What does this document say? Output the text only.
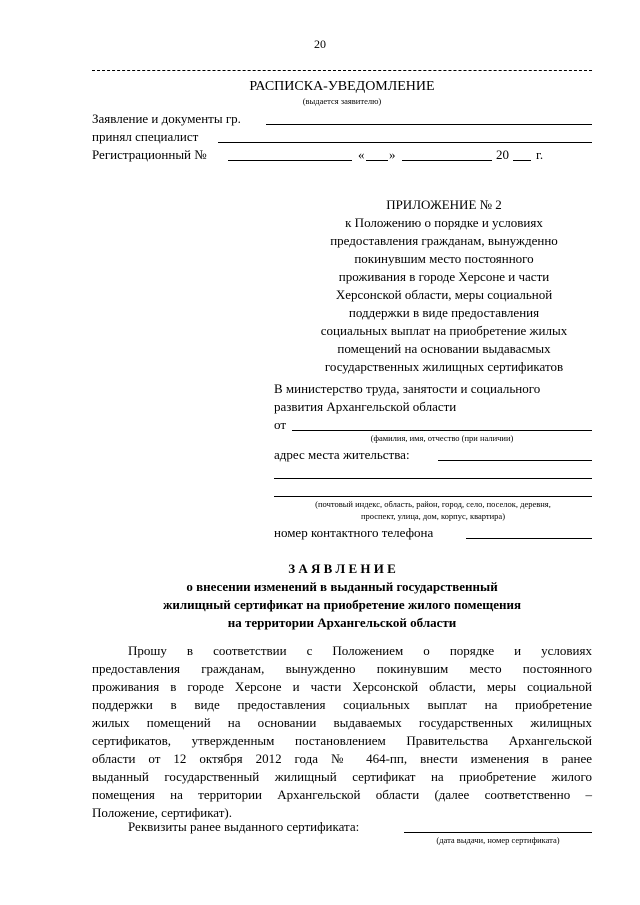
20
РАСПИСКА-УВЕДОМЛЕНИЕ
(выдается заявителю)
Заявление и документы гр.
принял специалист
Регистрационный №	« »	20 г.
ПРИЛОЖЕНИЕ № 2
к Положению о порядке и условиях
предоставления гражданам, вынужденно
покинувшим место постоянного
проживания в городе Херсоне и части
Херсонской области, меры социальной
поддержки в виде предоставления
социальных выплат на приобретение жилых
помещений на основании выдавасмых
государственных жилищных сертификатов
В министерство труда, занятости и социального
развития Архангельской области
от
(фамилия, имя, отчество (при наличии)
адрес места жительства:
(почтовый индекс, область, район, город, село, поселок, деревня,
проспект, улица, дом, корпус, квартира)
номер контактного телефона
З А Я В Л Е Н И Е
о внесении изменений в выданный государственный
жилищный сертификат на приобретение жилого помещения
на территории Архангельской области
Прошу в соответствии с Положением о порядке и условиях
предоставления гражданам, вынужденно покинувшим место постоянного
проживания в городе Херсоне и части Херсонской области, меры социальной
поддержки в виде предоставления социальных выплат на приобретение
жилых помещений на основании выдаваемых государственных жилищных
сертификатов, утвержденным постановлением Правительства Архангельской
области от 12 октября 2012 года № 464-пп, внести изменения в ранее
выданный государственный жилищный сертификат на приобретение жилого
помещения на территории Архангельской области (далее соответственно –
Положение, сертификат).
Реквизиты ранее выданного сертификата:
(дата выдачи, номер сертификата)
